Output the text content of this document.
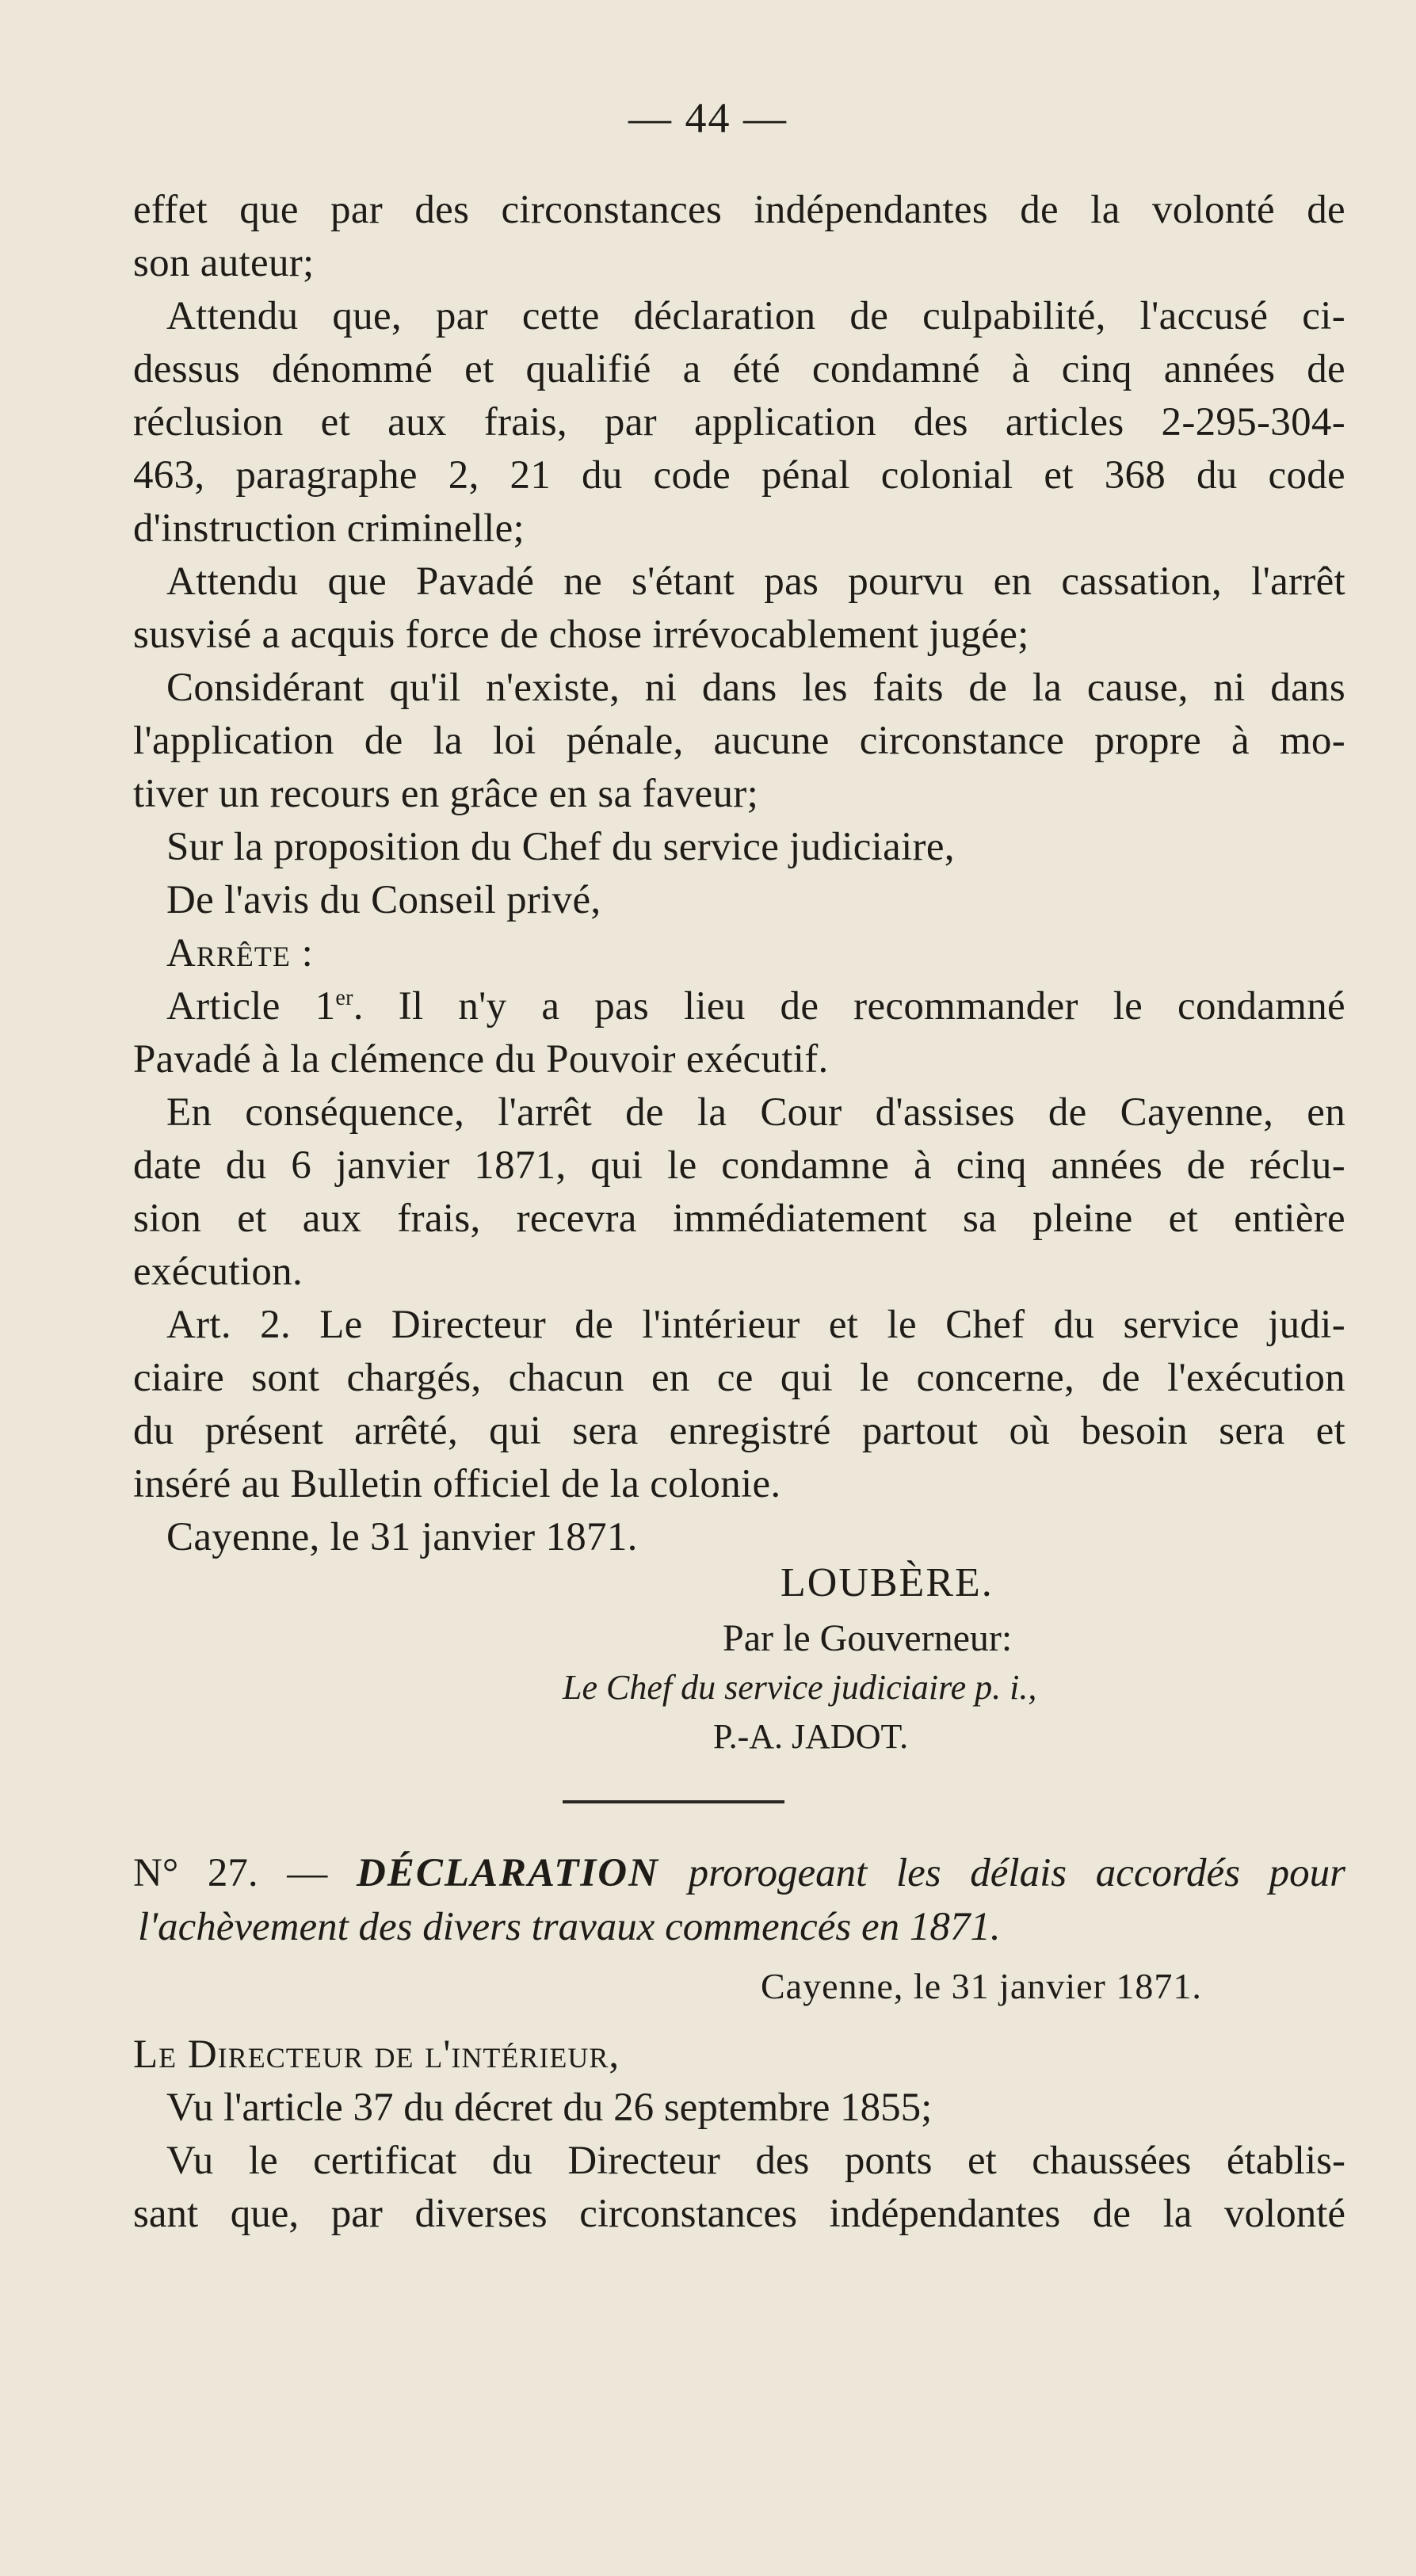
— 44 —
effet que par des circonstances indépendantes de la volonté de
son auteur;
Attendu que, par cette déclaration de culpabilité, l'accusé ci-
dessus dénommé et qualifié a été condamné à cinq années de
réclusion et aux frais, par application des articles 2-295-304-
463, paragraphe 2, 21 du code pénal colonial et 368 du code
d'instruction criminelle;
Attendu que Pavadé ne s'étant pas pourvu en cassation, l'arrêt
susvisé a acquis force de chose irrévocablement jugée;
Considérant qu'il n'existe, ni dans les faits de la cause, ni dans
l'application de la loi pénale, aucune circonstance propre à mo-
tiver un recours en grâce en sa faveur;
Sur la proposition du Chef du service judiciaire,
De l'avis du Conseil privé,
Arrête :
Article 1er. Il n'y a pas lieu de recommander le condamné
Pavadé à la clémence du Pouvoir exécutif.
En conséquence, l'arrêt de la Cour d'assises de Cayenne, en
date du 6 janvier 1871, qui le condamne à cinq années de réclu-
sion et aux frais, recevra immédiatement sa pleine et entière
exécution.
Art. 2. Le Directeur de l'intérieur et le Chef du service judi-
ciaire sont chargés, chacun en ce qui le concerne, de l'exécution
du présent arrêté, qui sera enregistré partout où besoin sera et
inséré au Bulletin officiel de la colonie.
Cayenne, le 31 janvier 1871.
LOUBÈRE.
Par le Gouverneur:
Le Chef du service judiciaire p. i.,
P.-A. JADOT.
N° 27. — DÉCLARATION prorogeant les délais accordés pour
l'achèvement des divers travaux commencés en 1871.
Cayenne, le 31 janvier 1871.
Le Directeur de l'intérieur,
Vu l'article 37 du décret du 26 septembre 1855;
Vu le certificat du Directeur des ponts et chaussées établis-
sant que, par diverses circonstances indépendantes de la volonté
